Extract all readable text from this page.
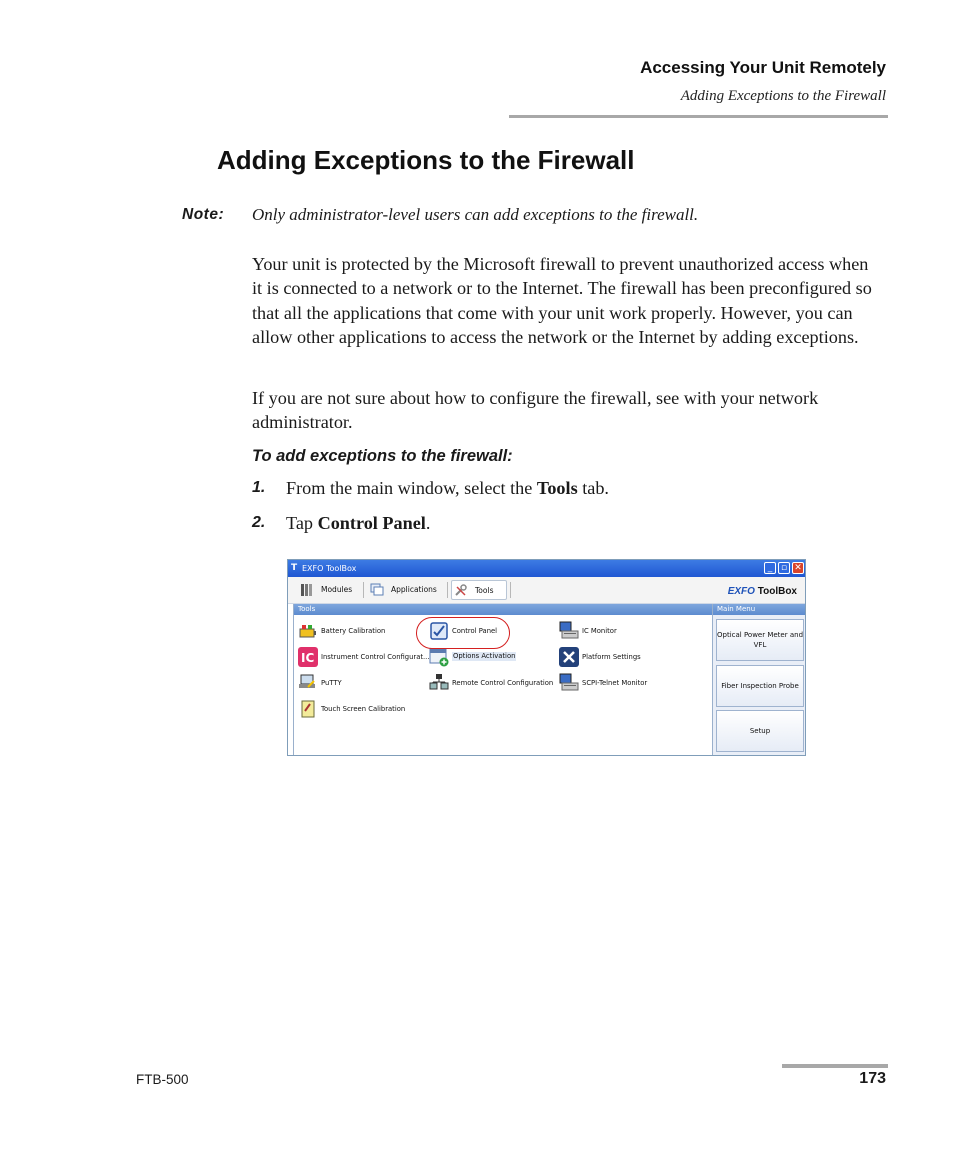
Accessing Your Unit Remotely
Adding Exceptions to the Firewall
Adding Exceptions to the Firewall
Note: Only administrator-level users can add exceptions to the firewall.

Your unit is protected by the Microsoft firewall to prevent unauthorized access when it is connected to a network or to the Internet. The firewall has been preconfigured so that all the applications that come with your unit work properly. However, you can allow other applications to access the network or the Internet by adding exceptions.

If you are not sure about how to configure the firewall, see with your network administrator.

To add exceptions to the firewall:
1. From the main window, select the Tools tab.
2. Tap Control Panel.
T EXFO ToolBox	_ ▫ ✕
Modules	Applications	Tools	EXFO ToolBox
Tools
Battery Calibration
IC Instrument Control Configurat...
PuTTY
Touch Screen Calibration
Control Panel
Options Activation
Remote Control Configuration
IC Monitor
Platform Settings
SCPI-Telnet Monitor
Main Menu
Optical Power Meter and VFL
Fiber Inspection Probe
Setup
FTB-500	173
